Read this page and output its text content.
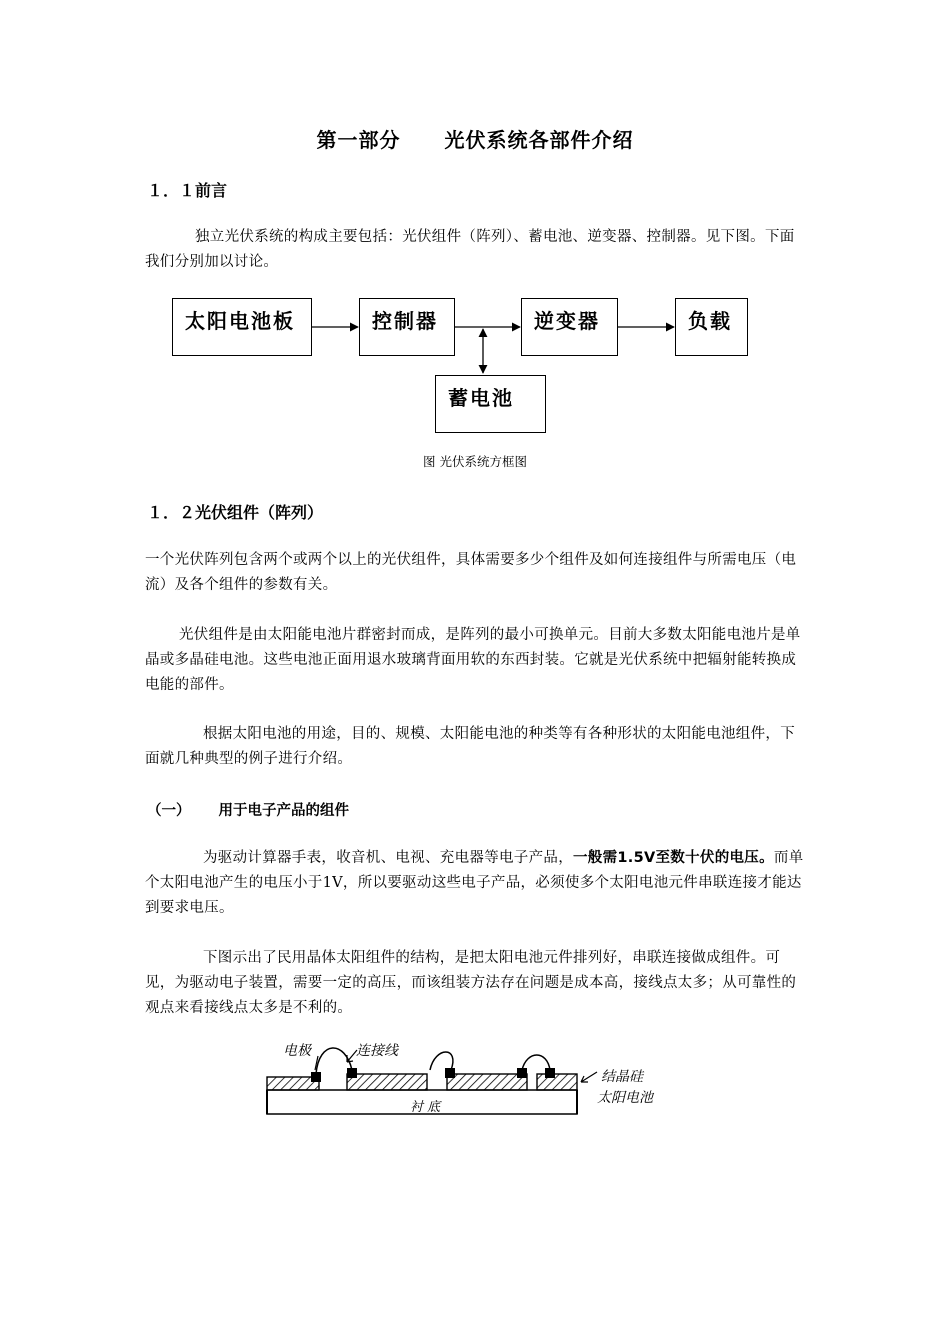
第一部分 光伏系统各部件介绍
１．１前言
独立光伏系统的构成主要包括：光伏组件（阵列）、蓄电池、逆变器、控制器。见下图。下面我们分别加以讨论。
太阳电池板	控制器	逆变器	负载
蓄电池
图 光伏系统方框图
１．２光伏组件（阵列）
一个光伏阵列包含两个或两个以上的光伏组件，具体需要多少个组件及如何连接组件与所需电压（电流）及各个组件的参数有关。
光伏组件是由太阳能电池片群密封而成，是阵列的最小可换单元。目前大多数太阳能电池片是单晶或多晶硅电池。这些电池正面用退水玻璃背面用软的东西封装。它就是光伏系统中把辐射能转换成电能的部件。
根据太阳电池的用途，目的、规模、太阳能电池的种类等有各种形状的太阳能电池组件，下面就几种典型的例子进行介绍。
（一） 用于电子产品的组件
为驱动计算器手表，收音机、电视、充电器等电子产品，一般需1.5V至数十伏的电压。而单个太阳电池产生的电压小于1V，所以要驱动这些电子产品，必须使多个太阳电池元件串联连接才能达到要求电压。
下图示出了民用晶体太阳组件的结构，是把太阳电池元件排列好，串联连接做成组件。可见，为驱动电子装置，需要一定的高压，而该组装方法存在问题是成本高，接线点太多；从可靠性的观点来看接线点太多是不利的。
电极	连接线
结晶硅
太阳电池
衬 底
